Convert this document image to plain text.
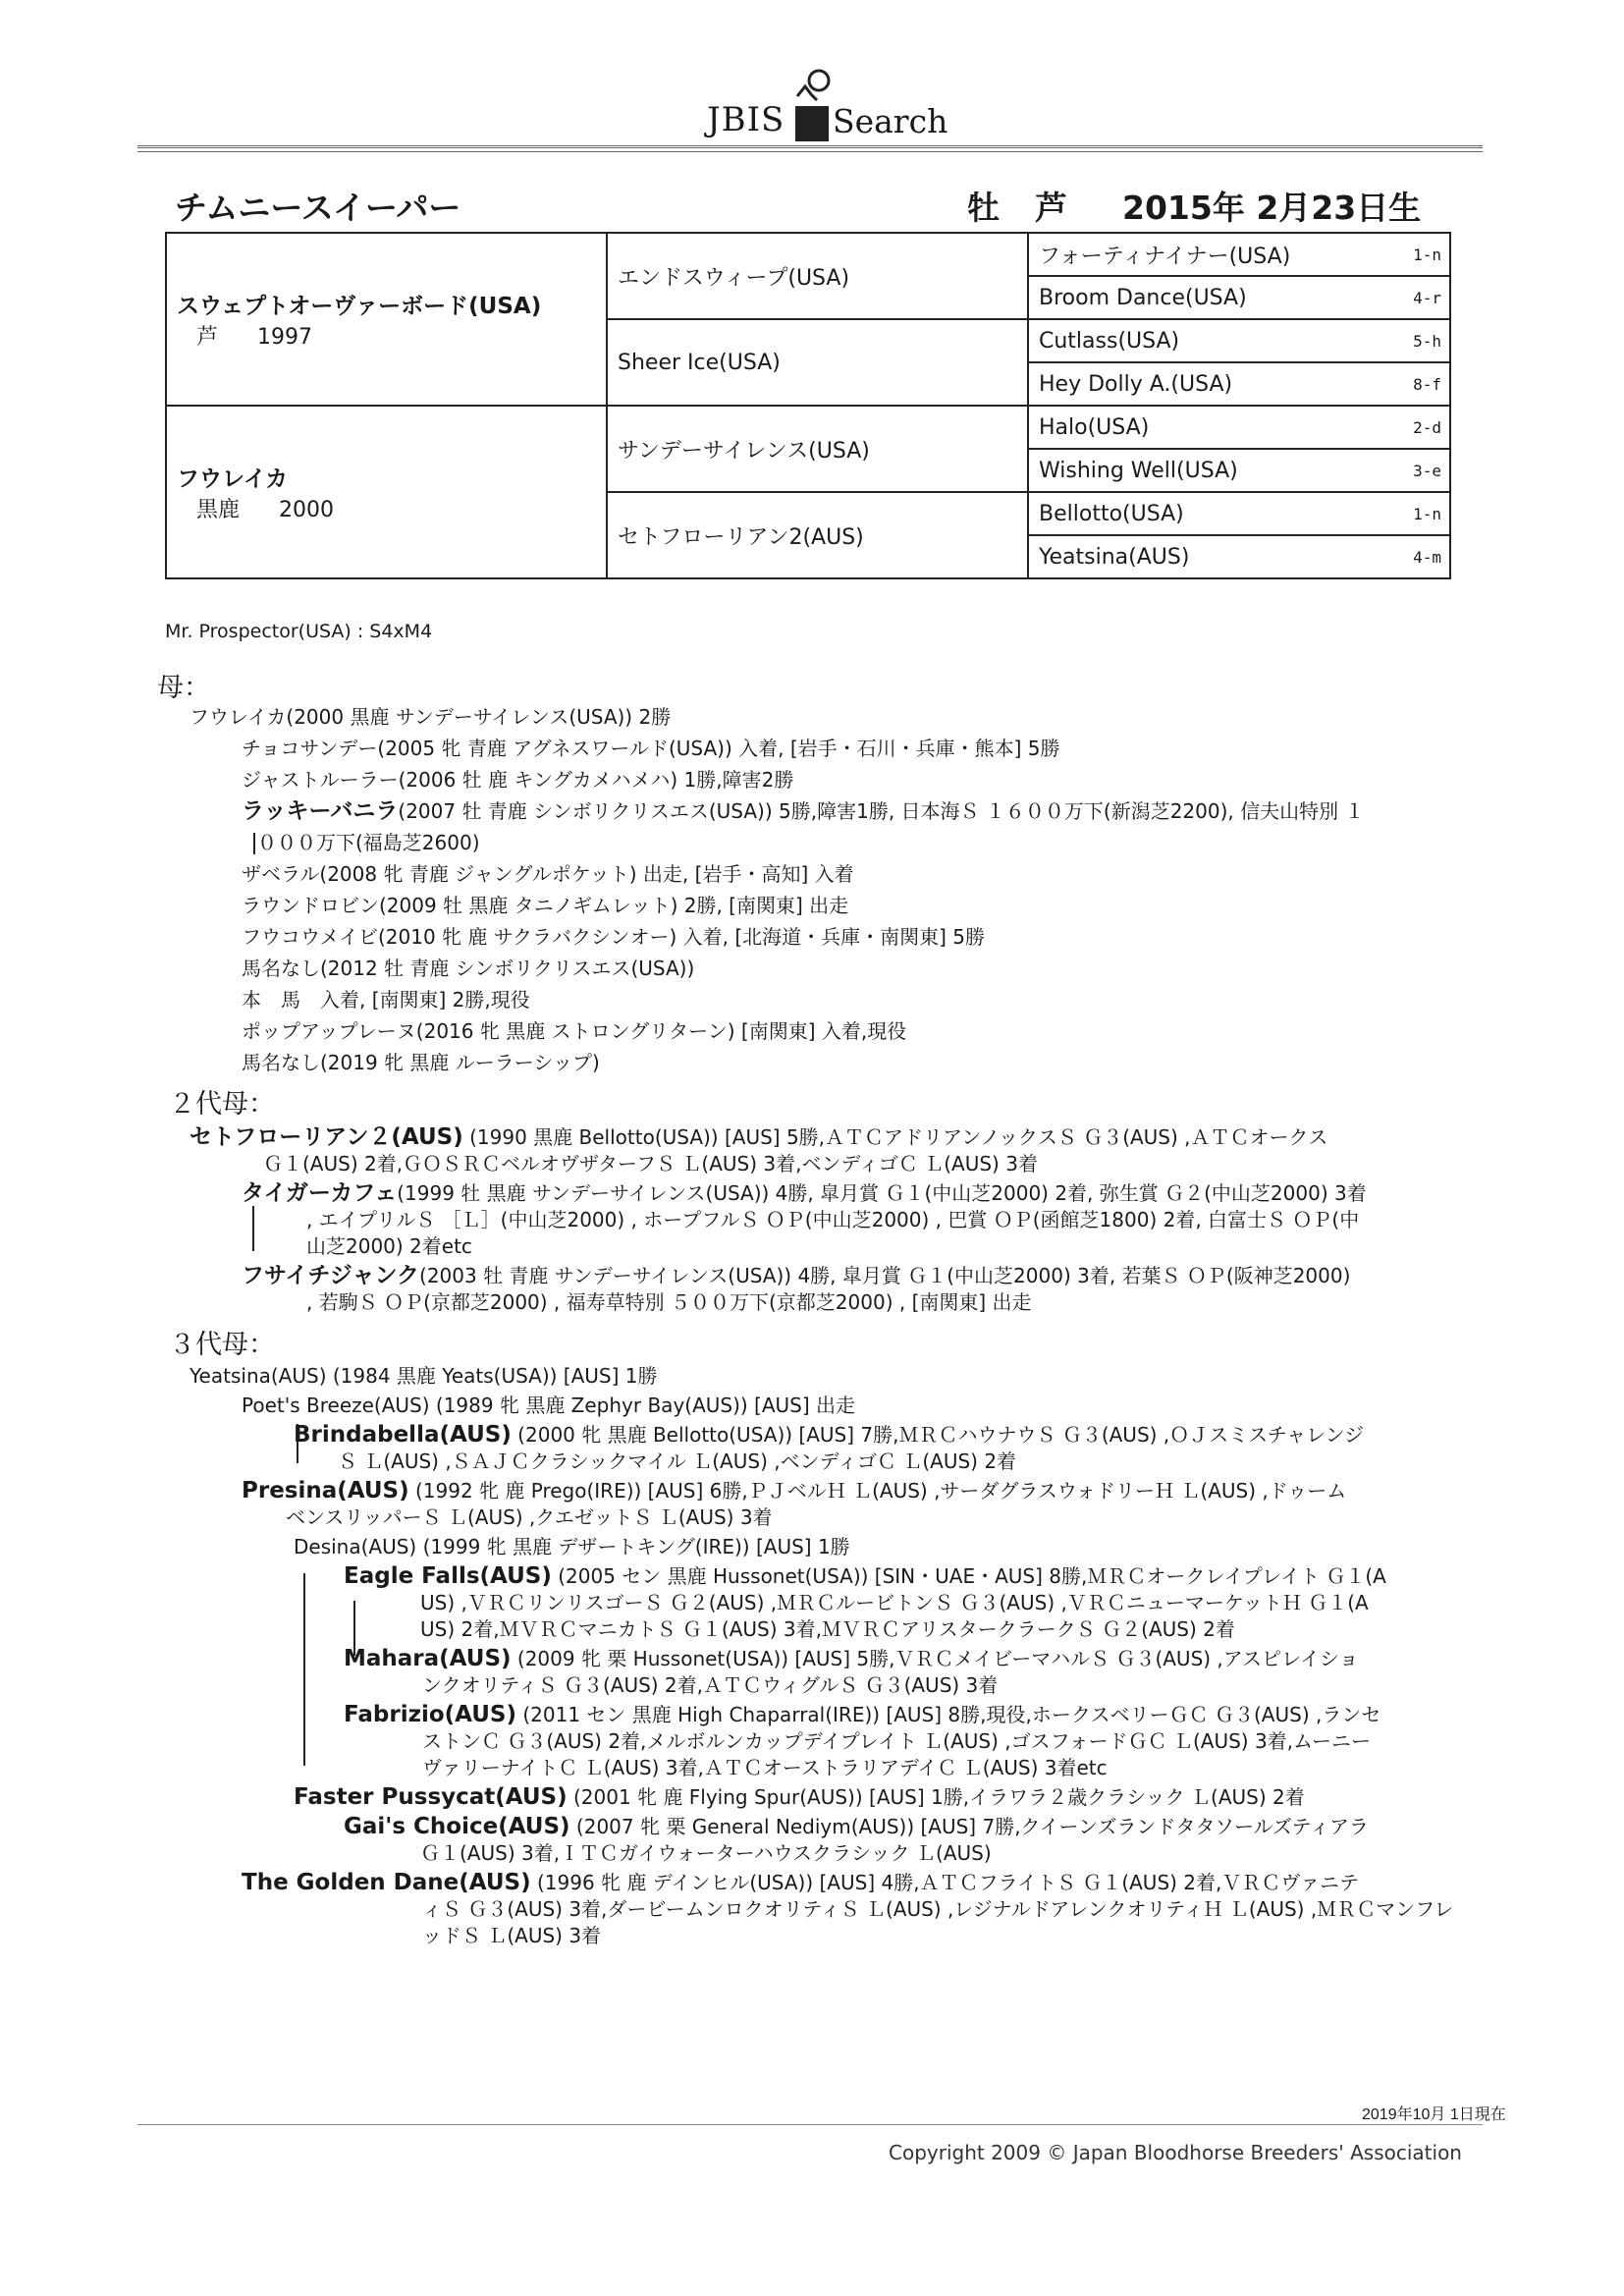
JBIS Search
チムニースイーパー	牡 芦 2015年 2月23日生
スウェプトオーヴァーボード(USA)
芦 1997	エンドスウィープ(USA)	フォーティナイナー(USA)	1-n
		Broom Dance(USA)	4-r
	Sheer Ice(USA)	Cutlass(USA)	5-h
		Hey Dolly A.(USA)	8-f

フウレイカ
黒鹿 2000	サンデーサイレンス(USA)	Halo(USA)	2-d
		Wishing Well(USA)	3-e
	セトフローリアン2(AUS)	Bellotto(USA)	1-n
		Yeatsina(AUS)	4-m
Mr. Prospector(USA) : S4xM4
母：
２代母：
３代母：
フウレイカ(2000 黒鹿 サンデーサイレンス(USA)) 2勝
チョコサンデー(2005 牝 青鹿 アグネスワールド(USA)) 入着, [岩手・石川・兵庫・熊本] 5勝
ジャストルーラー(2006 牡 鹿 キングカメハメハ) 1勝,障害2勝
ラッキーバニラ(2007 牡 青鹿 シンボリクリスエス(USA)) 5勝,障害1勝, 日本海Ｓ １６００万下(新潟芝2200), 信夫山特別 １
０００万下(福島芝2600)
ザベラル(2008 牝 青鹿 ジャングルポケット) 出走, [岩手・高知] 入着
ラウンドロビン(2009 牡 黒鹿 タニノギムレット) 2勝, [南関東] 出走
フウコウメイビ(2010 牝 鹿 サクラバクシンオー) 入着, [北海道・兵庫・南関東] 5勝
馬名なし(2012 牡 青鹿 シンボリクリスエス(USA))
本　馬　入着, [南関東] 2勝,現役
ポップアップレーヌ(2016 牝 黒鹿 ストロングリターン) [南関東] 入着,現役
馬名なし(2019 牝 黒鹿 ルーラーシップ)
セトフローリアン２(AUS) (1990 黒鹿 Bellotto(USA)) [AUS] 5勝,ＡＴＣアドリアンノックスＳ Ｇ３(AUS) ,ＡＴＣオークス
Ｇ１(AUS) 2着,ＧＯＳＲＣベルオヴザターフＳ Ｌ(AUS) 3着,ベンディゴＣ Ｌ(AUS) 3着
タイガーカフェ(1999 牡 黒鹿 サンデーサイレンス(USA)) 4勝, 皐月賞 Ｇ１(中山芝2000) 2着, 弥生賞 Ｇ２(中山芝2000) 3着
, エイプリルＳ ［Ｌ］(中山芝2000) , ホープフルＳ ＯＰ(中山芝2000) , 巴賞 ＯＰ(函館芝1800) 2着, 白富士Ｓ ＯＰ(中
山芝2000) 2着etc
フサイチジャンク(2003 牡 青鹿 サンデーサイレンス(USA)) 4勝, 皐月賞 Ｇ１(中山芝2000) 3着, 若葉Ｓ ＯＰ(阪神芝2000)
, 若駒Ｓ ＯＰ(京都芝2000) , 福寿草特別 ５００万下(京都芝2000) , [南関東] 出走
Yeatsina(AUS) (1984 黒鹿 Yeats(USA)) [AUS] 1勝
Poet's Breeze(AUS) (1989 牝 黒鹿 Zephyr Bay(AUS)) [AUS] 出走
Brindabella(AUS) (2000 牝 黒鹿 Bellotto(USA)) [AUS] 7勝,ＭＲＣハウナウＳ Ｇ３(AUS) ,ＯＪスミスチャレンジ
Ｓ Ｌ(AUS) ,ＳＡＪＣクラシックマイル Ｌ(AUS) ,ベンディゴＣ Ｌ(AUS) 2着
Presina(AUS) (1992 牝 鹿 Prego(IRE)) [AUS] 6勝,ＰＪベルＨ Ｌ(AUS) ,サーダグラスウォドリーＨ Ｌ(AUS) ,ドゥーム
ベンスリッパーＳ Ｌ(AUS) ,クエゼットＳ Ｌ(AUS) 3着
Desina(AUS) (1999 牝 黒鹿 デザートキング(IRE)) [AUS] 1勝
Eagle Falls(AUS) (2005 セン 黒鹿 Hussonet(USA)) [SIN・UAE・AUS] 8勝,ＭＲＣオークレイプレイト Ｇ１(A
US) ,ＶＲＣリンリスゴーＳ Ｇ２(AUS) ,ＭＲＣルービトンＳ Ｇ３(AUS) ,ＶＲＣニューマーケットＨ Ｇ１(A
US) 2着,ＭＶＲＣマニカトＳ Ｇ１(AUS) 3着,ＭＶＲＣアリスタークラークＳ Ｇ２(AUS) 2着
Mahara(AUS) (2009 牝 栗 Hussonet(USA)) [AUS] 5勝,ＶＲＣメイビーマハルＳ Ｇ３(AUS) ,アスピレイショ
ンクオリティＳ Ｇ３(AUS) 2着,ＡＴＣウィグルＳ Ｇ３(AUS) 3着
Fabrizio(AUS) (2011 セン 黒鹿 High Chaparral(IRE)) [AUS] 8勝,現役,ホークスベリーＧＣ Ｇ３(AUS) ,ランセ
ストンＣ Ｇ３(AUS) 2着,メルボルンカップデイプレイト Ｌ(AUS) ,ゴスフォードＧＣ Ｌ(AUS) 3着,ムーニー
ヴァリーナイトＣ Ｌ(AUS) 3着,ＡＴＣオーストラリアデイＣ Ｌ(AUS) 3着etc
Faster Pussycat(AUS) (2001 牝 鹿 Flying Spur(AUS)) [AUS] 1勝,イラワラ２歳クラシック Ｌ(AUS) 2着
Gai's Choice(AUS) (2007 牝 栗 General Nediym(AUS)) [AUS] 7勝,クイーンズランドタタソールズティアラ
Ｇ１(AUS) 3着,ＩＴＣガイウォーターハウスクラシック Ｌ(AUS)
The Golden Dane(AUS) (1996 牝 鹿 デインヒル(USA)) [AUS] 4勝,ＡＴＣフライトＳ Ｇ１(AUS) 2着,ＶＲＣヴァニテ
ィＳ Ｇ３(AUS) 3着,ダービームンロクオリティＳ Ｌ(AUS) ,レジナルドアレンクオリティＨ Ｌ(AUS) ,ＭＲＣマンフレ
ッドＳ Ｌ(AUS) 3着
2019年10月 1日現在
Copyright 2009 © Japan Bloodhorse Breeders' Association
